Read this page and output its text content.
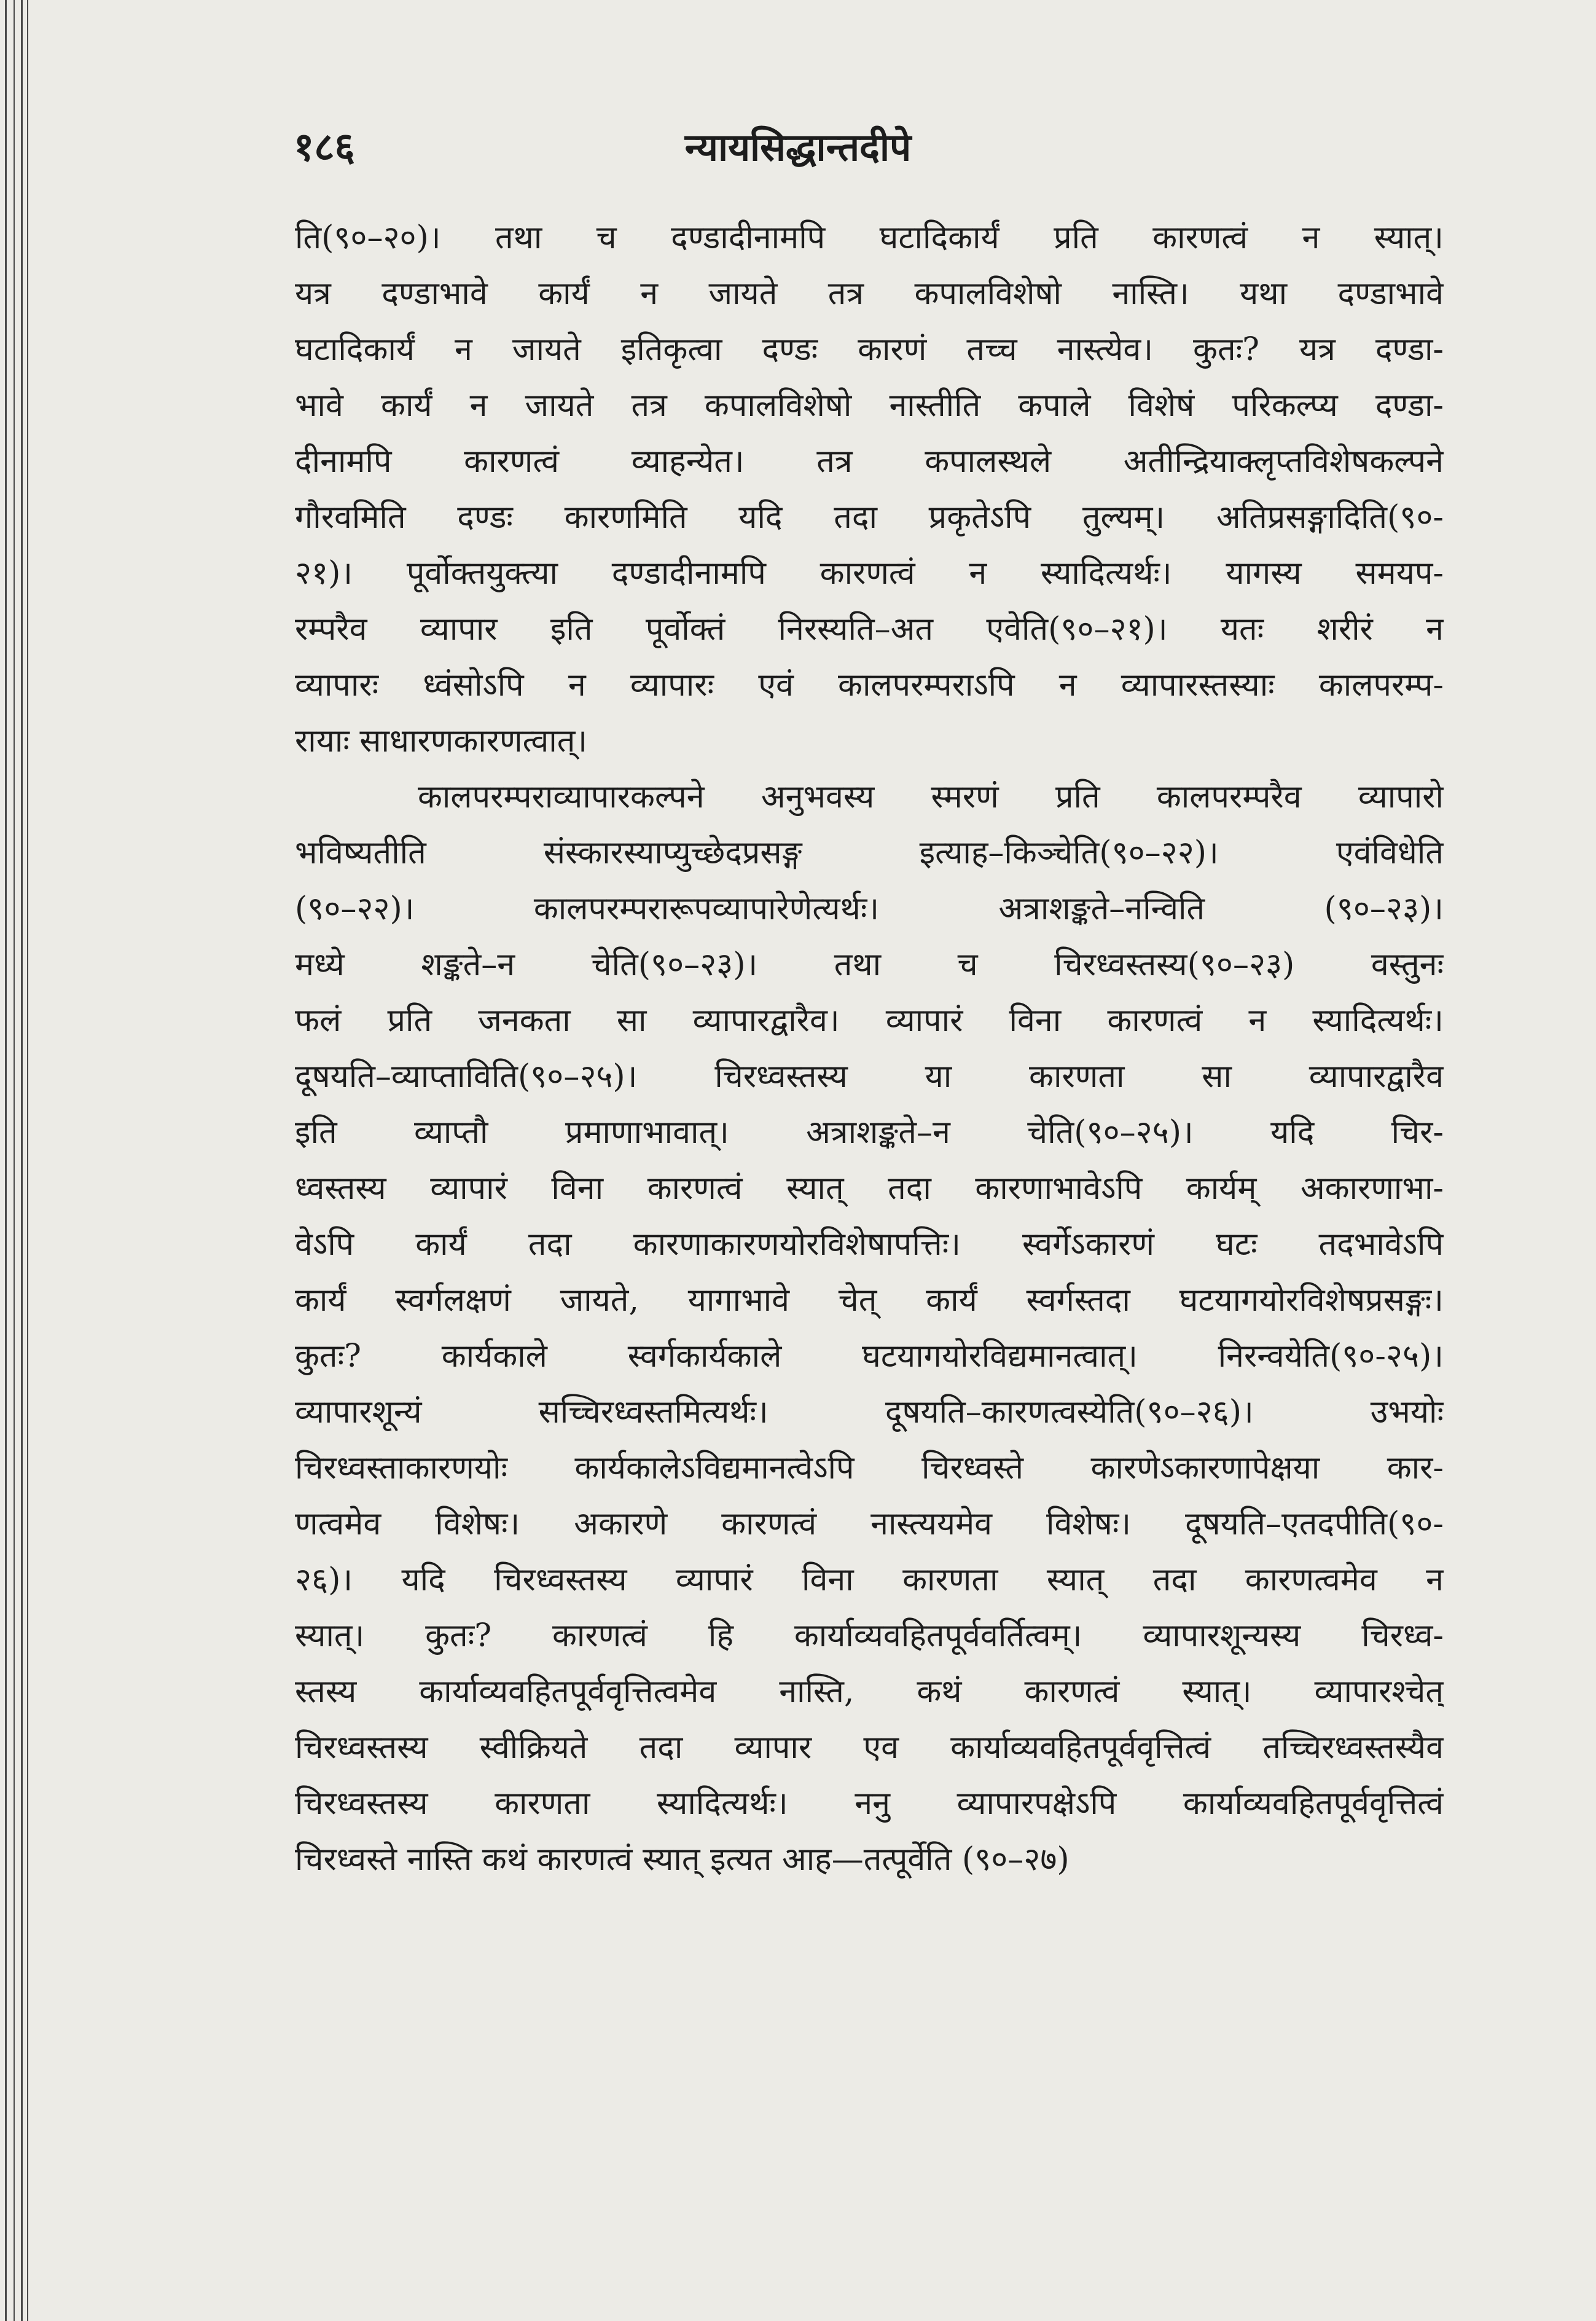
१८६	न्यायसिद्धान्तदीपे
ति(९०–२०)। तथा च दण्डादीनामपि घटादिकार्यं प्रति कारणत्वं न स्यात्।
यत्र दण्डाभावे कार्यं न जायते तत्र कपालविशेषो नास्ति। यथा दण्डाभावे
घटादिकार्यं न जायते इतिकृत्वा दण्डः कारणं तच्च नास्त्येव। कुतः? यत्र दण्डा-
भावे कार्यं न जायते तत्र कपालविशेषो नास्तीति कपाले विशेषं परिकल्प्य दण्डा-
दीनामपि कारणत्वं व्याहन्येत। तत्र कपालस्थले अतीन्द्रियाक्लृप्तविशेषकल्पने
गौरवमिति दण्डः कारणमिति यदि तदा प्रकृतेऽपि तुल्यम्। अतिप्रसङ्गादिति(९०-
२१)। पूर्वोक्तयुक्त्या दण्डादीनामपि कारणत्वं न स्यादित्यर्थः। यागस्य समयप-
रम्परैव व्यापार इति पूर्वोक्तं निरस्यति–अत एवेति(९०–२१)। यतः शरीरं न
व्यापारः ध्वंसोऽपि न व्यापारः एवं कालपरम्पराऽपि न व्यापारस्तस्याः कालपरम्प-
रायाः साधारणकारणत्वात्।
कालपरम्पराव्यापारकल्पने अनुभवस्य स्मरणं प्रति कालपरम्परैव व्यापारो
भविष्यतीति संस्कारस्याप्युच्छेदप्रसङ्ग इत्याह–किञ्चेति(९०–२२)। एवंविधेति
(९०–२२)। कालपरम्परारूपव्यापारेणेत्यर्थः। अत्राशङ्कते–नन्विति (९०–२३)।
मध्ये शङ्कते–न चेति(९०–२३)। तथा च चिरध्वस्तस्य(९०–२३) वस्तुनः
फलं प्रति जनकता सा व्यापारद्वारैव। व्यापारं विना कारणत्वं न स्यादित्यर्थः।
दूषयति–व्याप्ताविति(९०–२५)। चिरध्वस्तस्य या कारणता सा व्यापारद्वारैव
इति व्याप्तौ प्रमाणाभावात्। अत्राशङ्कते–न चेति(९०–२५)। यदि चिर-
ध्वस्तस्य व्यापारं विना कारणत्वं स्यात् तदा कारणाभावेऽपि कार्यम् अकारणाभा-
वेऽपि कार्यं तदा कारणाकारणयोरविशेषापत्तिः। स्वर्गेऽकारणं घटः तदभावेऽपि
कार्यं स्वर्गलक्षणं जायते, यागाभावे चेत् कार्यं स्वर्गस्तदा घटयागयोरविशेषप्रसङ्गः।
कुतः? कार्यकाले स्वर्गकार्यकाले घटयागयोरविद्यमानत्वात्। निरन्वयेति(९०-२५)।
व्यापारशून्यं सच्चिरध्वस्तमित्यर्थः। दूषयति–कारणत्वस्येति(९०–२६)। उभयोः
चिरध्वस्ताकारणयोः कार्यकालेऽविद्यमानत्वेऽपि चिरध्वस्ते कारणेऽकारणापेक्षया कार-
णत्वमेव विशेषः। अकारणे कारणत्वं नास्त्ययमेव विशेषः। दूषयति–एतदपीति(९०-
२६)। यदि चिरध्वस्तस्य व्यापारं विना कारणता स्यात् तदा कारणत्वमेव न
स्यात्। कुतः? कारणत्वं हि कार्याव्यवहितपूर्ववर्तित्वम्। व्यापारशून्यस्य चिरध्व-
स्तस्य कार्याव्यवहितपूर्ववृत्तित्वमेव नास्ति, कथं कारणत्वं स्यात्। व्यापारश्चेत्
चिरध्वस्तस्य स्वीक्रियते तदा व्यापार एव कार्याव्यवहितपूर्ववृत्तित्वं तच्चिरध्वस्तस्यैव
चिरध्वस्तस्य कारणता स्यादित्यर्थः। ननु व्यापारपक्षेऽपि कार्याव्यवहितपूर्ववृत्तित्वं
चिरध्वस्ते नास्ति कथं कारणत्वं स्यात् इत्यत आह—तत्पूर्वेति (९०–२७)
